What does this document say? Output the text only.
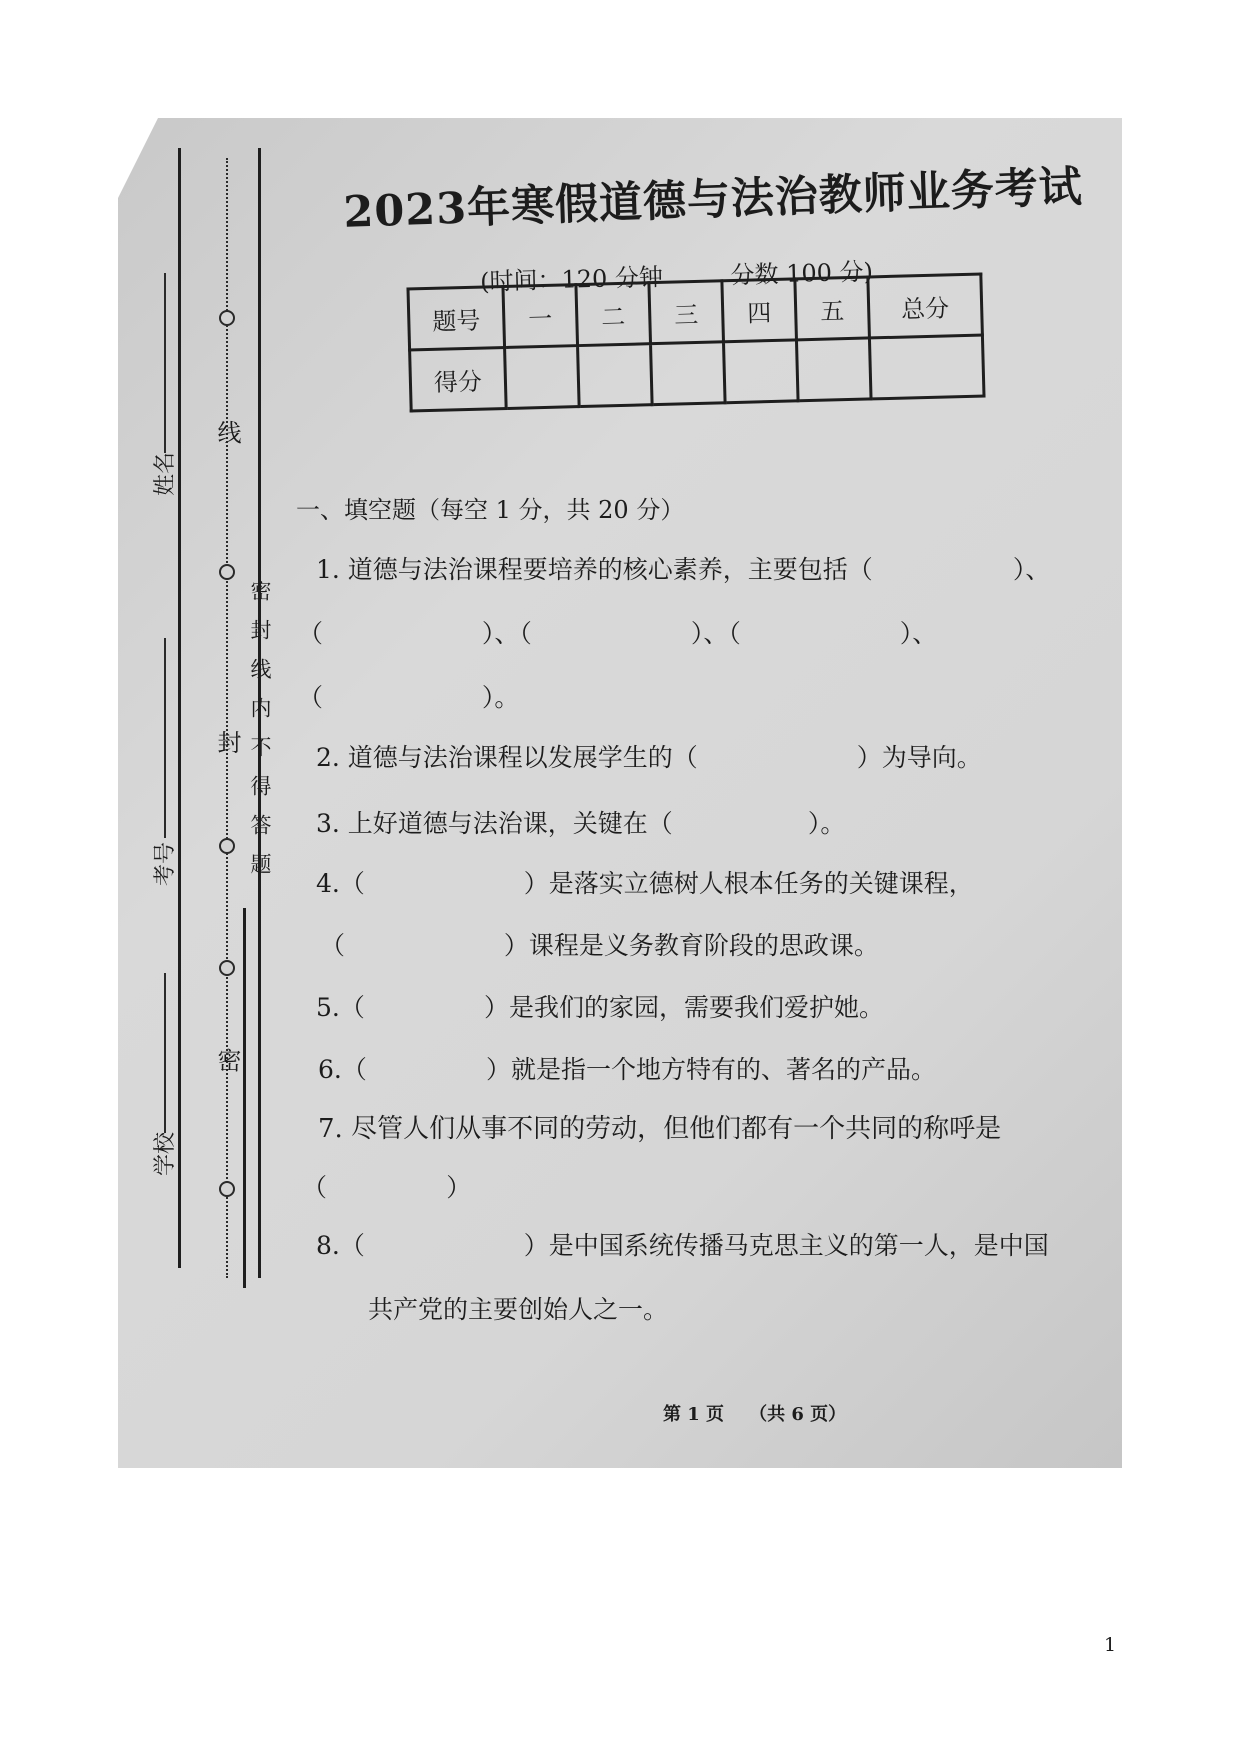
线
封
密
密封线内不得答题
姓名
考号
学校
2023年寒假道德与法治教师业务考试
(时间：120 分钟	分数 100 分)
题号	一	二	三	四	五	总分
得分						
一、填空题（每空 1 分，共 20 分）
1. 道德与法治课程要培养的核心素养，主要包括（	）、
（                    ）、（                    ）、（                    ）、
（                    ）。
2. 道德与法治课程以发展学生的（                    ）为导向。
3. 上好道德与法治课，关键在（                 ）。
4.（                    ）是落实立德树人根本任务的关键课程，
（                    ）课程是义务教育阶段的思政课。
5.（               ）是我们的家园，需要我们爱护她。
6.（               ）就是指一个地方特有的、著名的产品。
7. 尽管人们从事不同的劳动，但他们都有一个共同的称呼是
（               ）
8.（                    ）是中国系统传播马克思主义的第一人，是中国
共产党的主要创始人之一。
第 1 页    （共 6 页）
1
